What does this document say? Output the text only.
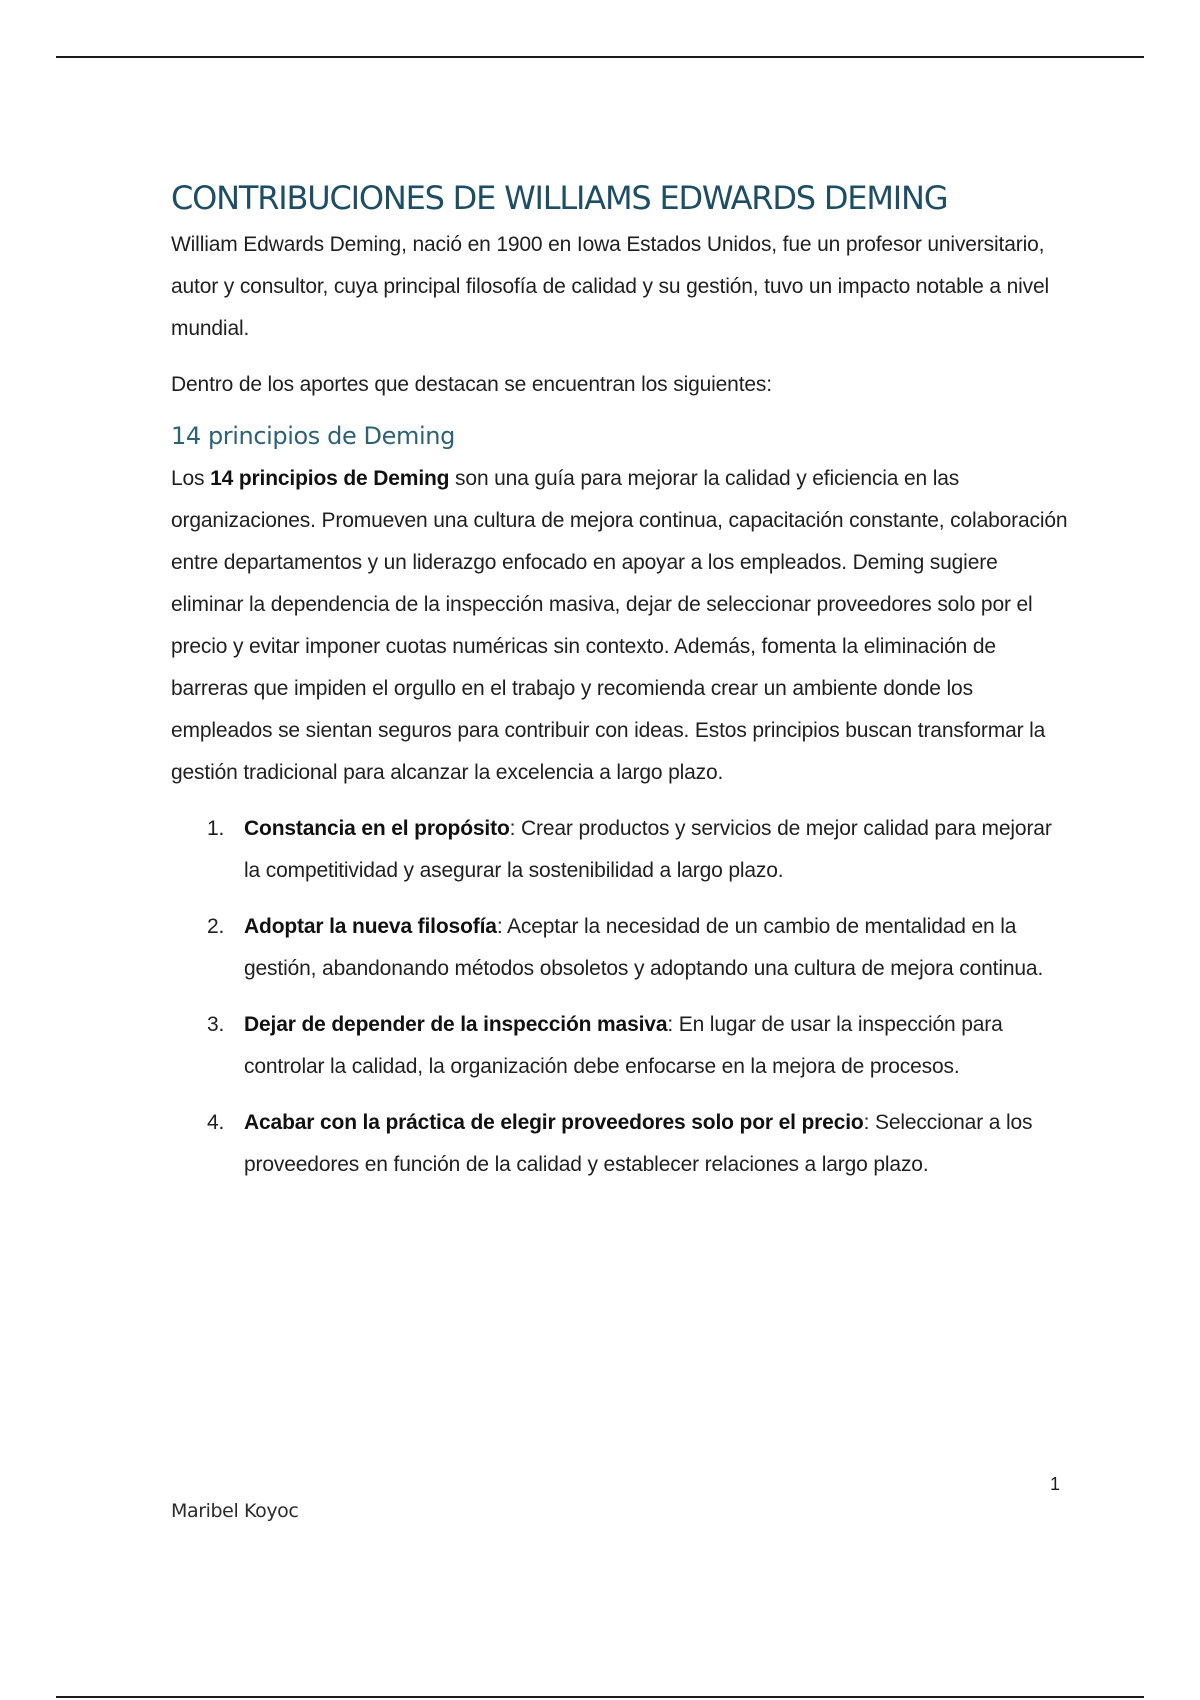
CONTRIBUCIONES DE WILLIAMS EDWARDS DEMING

William Edwards Deming, nació en 1900 en Iowa Estados Unidos, fue un profesor universitario, autor y consultor, cuya principal filosofía de calidad y su gestión, tuvo un impacto notable a nivel mundial.

Dentro de los aportes que destacan se encuentran los siguientes:

14 principios de Deming

Los 14 principios de Deming son una guía para mejorar la calidad y eficiencia en las organizaciones. Promueven una cultura de mejora continua, capacitación constante, colaboración entre departamentos y un liderazgo enfocado en apoyar a los empleados. Deming sugiere eliminar la dependencia de la inspección masiva, dejar de seleccionar proveedores solo por el precio y evitar imponer cuotas numéricas sin contexto. Además, fomenta la eliminación de barreras que impiden el orgullo en el trabajo y recomienda crear un ambiente donde los empleados se sientan seguros para contribuir con ideas. Estos principios buscan transformar la gestión tradicional para alcanzar la excelencia a largo plazo.

1. Constancia en el propósito: Crear productos y servicios de mejor calidad para mejorar la competitividad y asegurar la sostenibilidad a largo plazo.
2. Adoptar la nueva filosofía: Aceptar la necesidad de un cambio de mentalidad en la gestión, abandonando métodos obsoletos y adoptando una cultura de mejora continua.
3. Dejar de depender de la inspección masiva: En lugar de usar la inspección para controlar la calidad, la organización debe enfocarse en la mejora de procesos.
4. Acabar con la práctica de elegir proveedores solo por el precio: Seleccionar a los proveedores en función de la calidad y establecer relaciones a largo plazo.
1
Maribel Koyoc
